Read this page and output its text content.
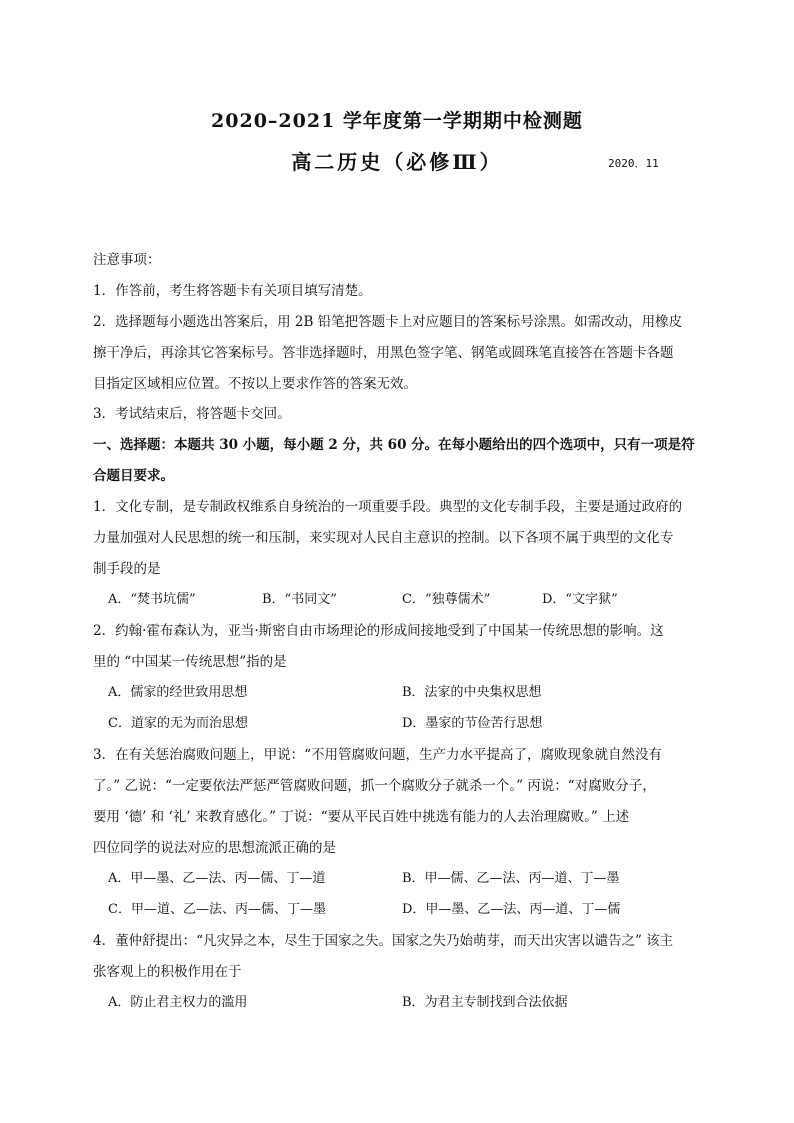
2020–2021 学年度第一学期期中检测题
高二历史（必修Ⅲ）	2020．11
注意事项：
1．作答前，考生将答题卡有关项目填写清楚。
2．选择题每小题选出答案后，用 2B 铅笔把答题卡上对应题目的答案标号涂黑。如需改动，用橡皮
擦干净后，再涂其它答案标号。答非选择题时，用黑色签字笔、钢笔或圆珠笔直接答在答题卡各题
目指定区域相应位置。不按以上要求作答的答案无效。
3．考试结束后，将答题卡交回。
一、选择题：本题共 30 小题，每小题 2 分，共 60 分。在每小题给出的四个选项中，只有一项是符
合题目要求。
1．文化专制，是专制政权维系自身统治的一项重要手段。典型的文化专制手段，主要是通过政府的
力量加强对人民思想的统一和压制，来实现对人民自主意识的控制。以下各项不属于典型的文化专
制手段的是
A．“焚书坑儒”	B．“书同文”	C．“独尊儒术”	D．“文字狱”
2．约翰·霍布森认为，亚当·斯密自由市场理论的形成间接地受到了中国某一传统思想的影响。这
里的 “中国某一传统思想”指的是
A．儒家的经世致用思想	B．法家的中央集权思想
C．道家的无为而治思想	D．墨家的节俭苦行思想
3．在有关惩治腐败问题上，甲说：“不用管腐败问题，生产力水平提高了，腐败现象就自然没有
了。” 乙说：“一定要依法严惩严管腐败问题，抓一个腐败分子就杀一个。” 丙说：“对腐败分子，
要用 ‘德’ 和 ‘礼’ 来教育感化。” 丁说：“要从平民百姓中挑选有能力的人去治理腐败。” 上述
四位同学的说法对应的思想流派正确的是
A．甲—墨、乙—法、丙—儒、丁—道	B．甲—儒、乙—法、丙—道、丁—墨
C．甲—道、乙—法、丙—儒、丁—墨	D．甲—墨、乙—法、丙—道、丁—儒
4．董仲舒提出：“凡灾异之本，尽生于国家之失。国家之失乃始萌芽，而天出灾害以谴告之” 该主
张客观上的积极作用在于
A．防止君主权力的滥用	B．为君主专制找到合法依据
